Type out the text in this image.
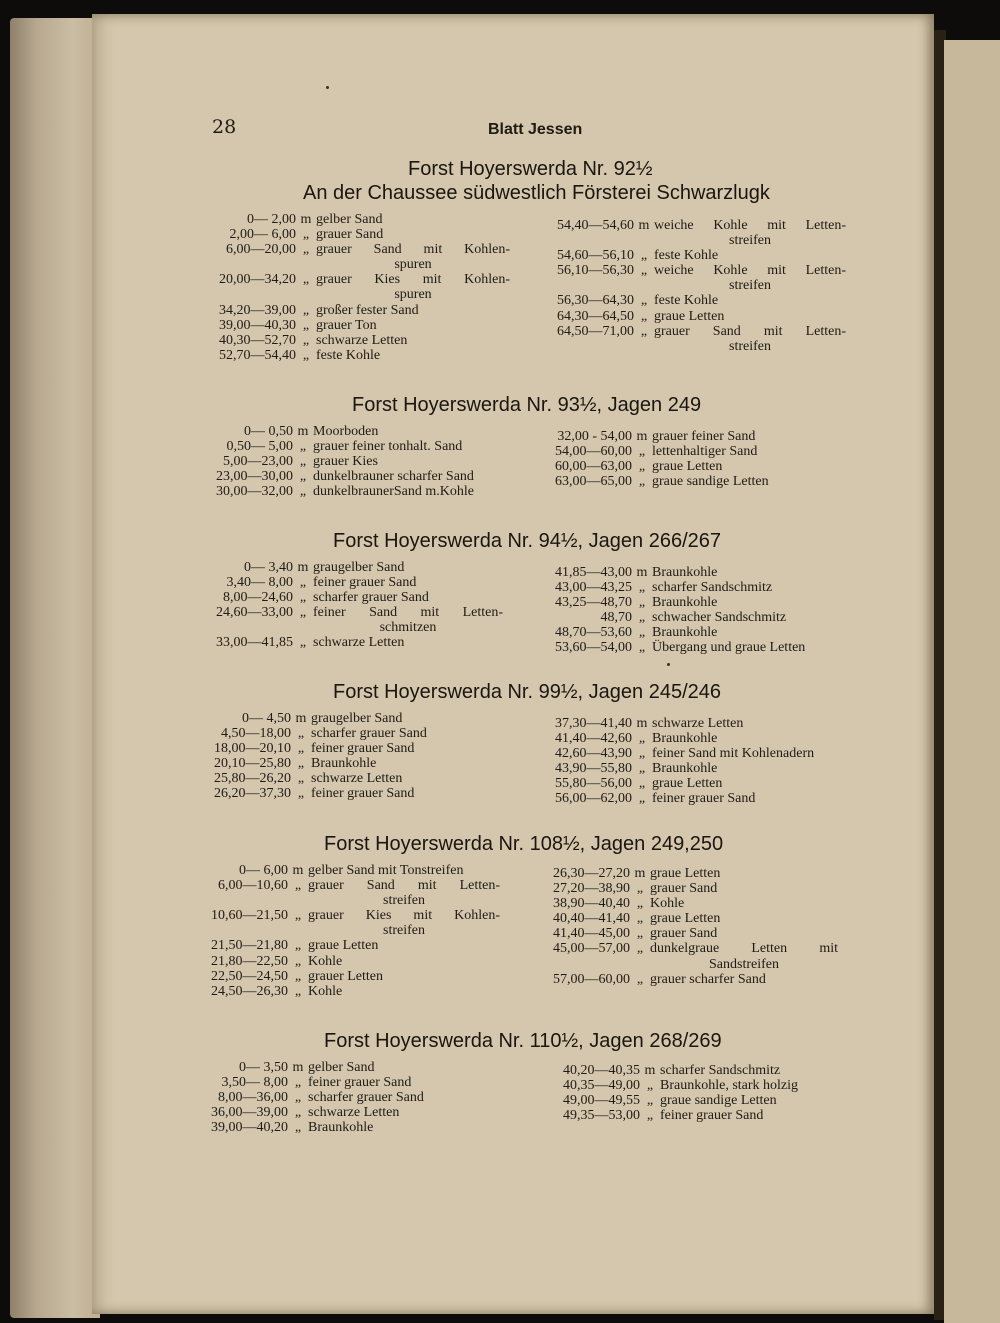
28	Blatt Jessen
Forst Hoyerswerda Nr. 92½
An der Chaussee südwestlich Försterei Schwarzlugk
0— 2,00 m gelber Sand
2,00— 6,00 „ grauer Sand
6,00—20,00 „ grauer Sand mit Kohlen-
spuren
20,00—34,20 „ grauer Kies mit Kohlen-
spuren
34,20—39,00 „ großer fester Sand
39,00—40,30 „ grauer Ton
40,30—52,70 „ schwarze Letten
52,70—54,40 „ feste Kohle
54,40—54,60 m weiche Kohle mit Letten-
streifen
54,60—56,10 „ feste Kohle
56,10—56,30 „ weiche Kohle mit Letten-
streifen
56,30—64,30 „ feste Kohle
64,30—64,50 „ graue Letten
64,50—71,00 „ grauer Sand mit Letten-
streifen
Forst Hoyerswerda Nr. 93½, Jagen 249
0— 0,50 m Moorboden
0,50— 5,00 „ grauer feiner tonhalt. Sand
5,00—23,00 „ grauer Kies
23,00—30,00 „ dunkelbrauner scharfer Sand
30,00—32,00 „ dunkelbraunerSand m.Kohle
32,00 - 54,00 m grauer feiner Sand
54,00—60,00 „ lettenhaltiger Sand
60,00—63,00 „ graue Letten
63,00—65,00 „ graue sandige Letten
Forst Hoyerswerda Nr. 94½, Jagen 266/267
0— 3,40 m graugelber Sand
3,40— 8,00 „ feiner grauer Sand
8,00—24,60 „ scharfer grauer Sand
24,60—33,00 „ feiner Sand mit Letten-
schmitzen
33,00—41,85 „ schwarze Letten
41,85—43,00 m Braunkohle
43,00—43,25 „ scharfer Sandschmitz
43,25—48,70 „ Braunkohle
48,70 „ schwacher Sandschmitz
48,70—53,60 „ Braunkohle
53,60—54,00 „ Übergang und graue Letten
Forst Hoyerswerda Nr. 99½, Jagen 245/246
0— 4,50 m graugelber Sand
4,50—18,00 „ scharfer grauer Sand
18,00—20,10 „ feiner grauer Sand
20,10—25,80 „ Braunkohle
25,80—26,20 „ schwarze Letten
26,20—37,30 „ feiner grauer Sand
37,30—41,40 m schwarze Letten
41,40—42,60 „ Braunkohle
42,60—43,90 „ feiner Sand mit Kohlenadern
43,90—55,80 „ Braunkohle
55,80—56,00 „ graue Letten
56,00—62,00 „ feiner grauer Sand
Forst Hoyerswerda Nr. 108½, Jagen 249,250
0— 6,00 m gelber Sand mit Tonstreifen
6,00—10,60 „ grauer Sand mit Letten-
streifen
10,60—21,50 „ grauer Kies mit Kohlen-
streifen
21,50—21,80 „ graue Letten
21,80—22,50 „ Kohle
22,50—24,50 „ grauer Letten
24,50—26,30 „ Kohle
26,30—27,20 m graue Letten
27,20—38,90 „ grauer Sand
38,90—40,40 „ Kohle
40,40—41,40 „ graue Letten
41,40—45,00 „ grauer Sand
45,00—57,00 „ dunkelgraue Letten mit
Sandstreifen
57,00—60,00 „ grauer scharfer Sand
Forst Hoyerswerda Nr. 110½, Jagen 268/269
0— 3,50 m gelber Sand
3,50— 8,00 „ feiner grauer Sand
8,00—36,00 „ scharfer grauer Sand
36,00—39,00 „ schwarze Letten
39,00—40,20 „ Braunkohle
40,20—40,35 m scharfer Sandschmitz
40,35—49,00 „ Braunkohle, stark holzig
49,00—49,55 „ graue sandige Letten
49,35—53,00 „ feiner grauer Sand
